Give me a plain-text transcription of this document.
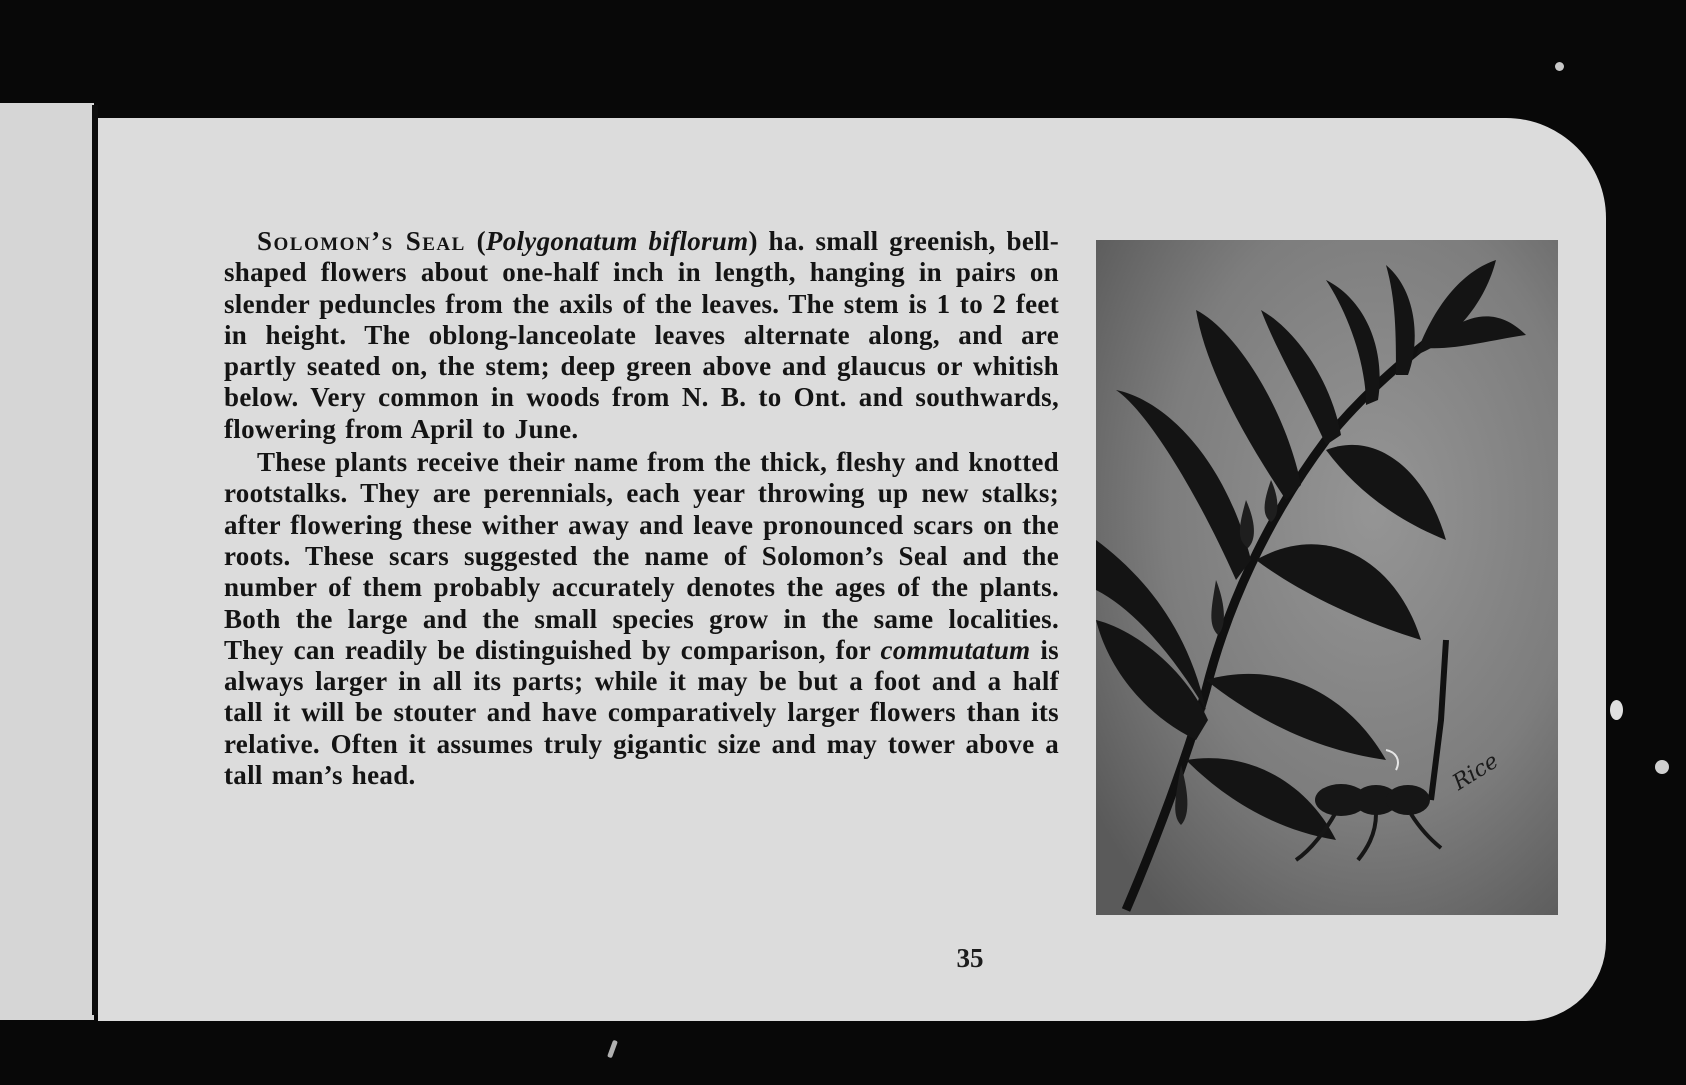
Solomon’s Seal (Polygonatum biflorum) ha. small greenish, bell-shaped flowers about one-half inch in length, hanging in pairs on slender peduncles from the axils of the leaves. The stem is 1 to 2 feet in height. The oblong-lanceolate leaves alternate along, and are partly seated on, the stem; deep green above and glaucus or whitish below. Very common in woods from N. B. to Ont. and southwards, flowering from April to June.

These plants receive their name from the thick, fleshy and knotted rootstalks. They are perennials, each year throwing up new stalks; after flowering these wither away and leave pronounced scars on the roots. These scars suggested the name of Solomon’s Seal and the number of them probably accurately denotes the ages of the plants. Both the large and the small species grow in the same localities. They can readily be distinguished by comparison, for commutatum is always larger in all its parts; while it may be but a foot and a half tall it will be stouter and have comparatively larger flowers than its relative. Often it assumes truly gigantic size and may tower above a tall man’s head.	Rice
35
